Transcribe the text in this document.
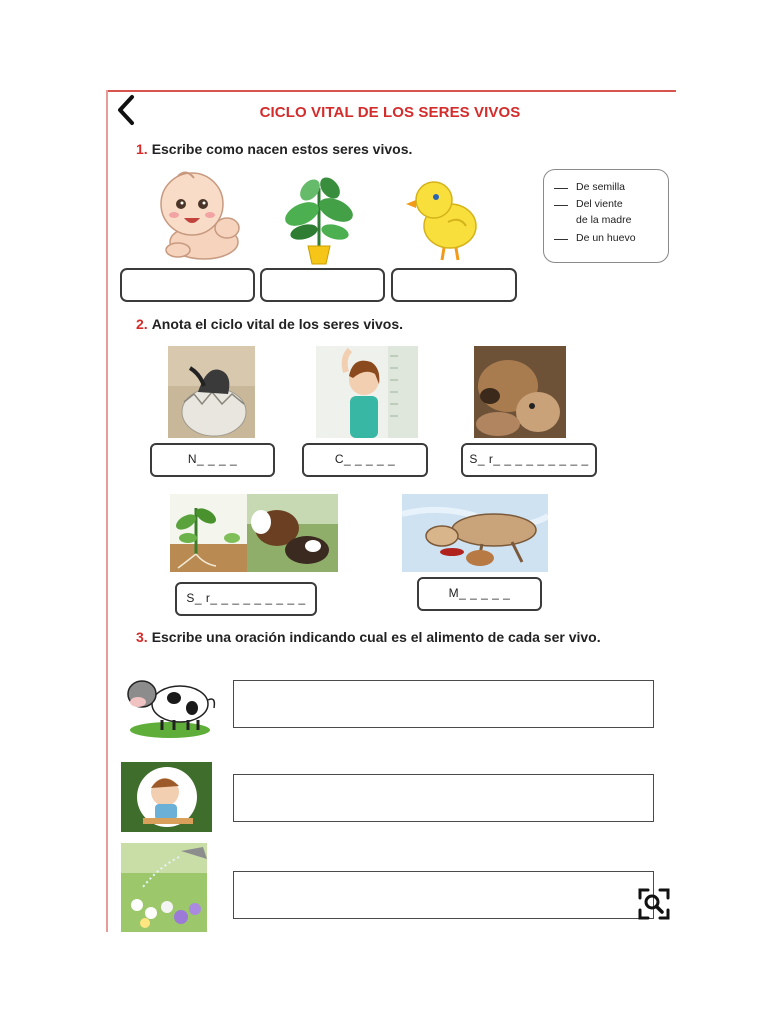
CICLO VITAL DE LOS SERES VIVOS
1. Escribe como nacen estos seres vivos.
De semilla
Del viente
de la madre
De un huevo
2. Anota el ciclo vital de los seres vivos.
N_ _ _ _	C_ _ _ _ _	S_ r_ _ _ _ _ _ _ _ _
S_ r_ _ _ _ _ _ _ _ _	M_ _ _ _ _
3. Escribe una oración indicando cual es el alimento de cada ser vivo.
